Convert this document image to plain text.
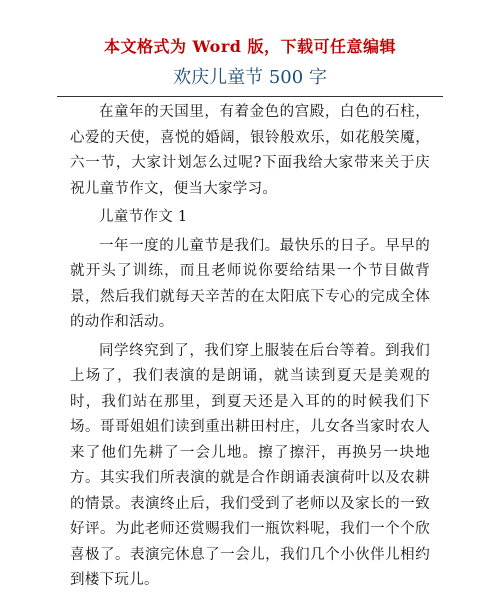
本文格式为 Word 版，下载可任意编辑
欢庆儿童节 500 字

在童年的天国里，有着金色的宫殿，白色的石柱，心爱的天使，喜悦的婚阔，银铃般欢乐，如花般笑魇，六一节，大家计划怎么过呢?下面我给大家带来关于庆祝儿童节作文，便当大家学习。

儿童节作文 1

一年一度的儿童节是我们。最快乐的日子。早早的就开头了训练，而且老师说你要给结果一个节目做背景，然后我们就每天辛苦的在太阳底下专心的完成全体的动作和活动。

同学终究到了，我们穿上服装在后台等着。到我们上场了，我们表演的是朗诵，就当读到夏天是美观的时，我们站在那里，到夏天还是入耳的的时候我们下场。哥哥姐姐们读到重出耕田村庄，儿女各当家时农人来了他们先耕了一会儿地。擦了擦汗，再换另一块地方。其实我们所表演的就是合作朗诵表演荷叶以及农耕的情景。表演终止后，我们受到了老师以及家长的一致好评。为此老师还赏赐我们一瓶饮料呢，我们一个个欣喜极了。表演完休息了一会儿，我们几个小伙伴儿相约到楼下玩儿。
